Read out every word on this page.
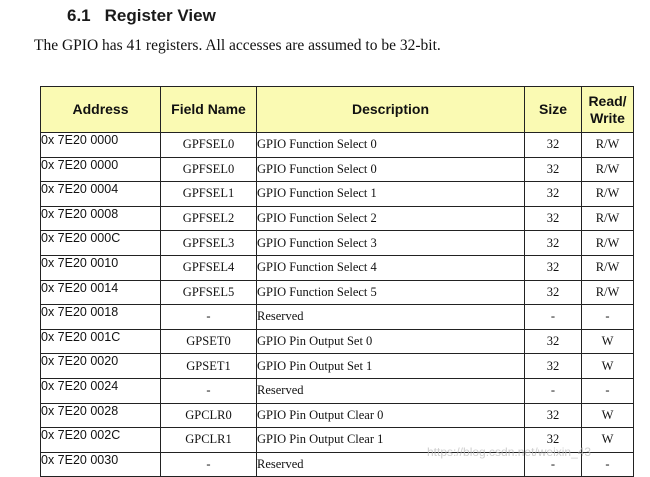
6.1 Register View
The GPIO has 41 registers. All accesses are assumed to be 32-bit.
Address	Field Name	Description	Size	Read/
Write
0x 7E20 0000	GPFSEL0	GPIO Function Select 0	32	R/W
0x 7E20 0000	GPFSEL0	GPIO Function Select 0	32	R/W
0x 7E20 0004	GPFSEL1	GPIO Function Select 1	32	R/W
0x 7E20 0008	GPFSEL2	GPIO Function Select 2	32	R/W
0x 7E20 000C	GPFSEL3	GPIO Function Select 3	32	R/W
0x 7E20 0010	GPFSEL4	GPIO Function Select 4	32	R/W
0x 7E20 0014	GPFSEL5	GPIO Function Select 5	32	R/W
0x 7E20 0018	-	Reserved	-	-
0x 7E20 001C	GPSET0	GPIO Pin Output Set 0	32	W
0x 7E20 0020	GPSET1	GPIO Pin Output Set 1	32	W
0x 7E20 0024	-	Reserved	-	-
0x 7E20 0028	GPCLR0	GPIO Pin Output Clear 0	32	W
0x 7E20 002C	GPCLR1	GPIO Pin Output Clear 1	32	W
0x 7E20 0030	-	Reserved	-	-
https://blog.csdn.net/weixin_43
